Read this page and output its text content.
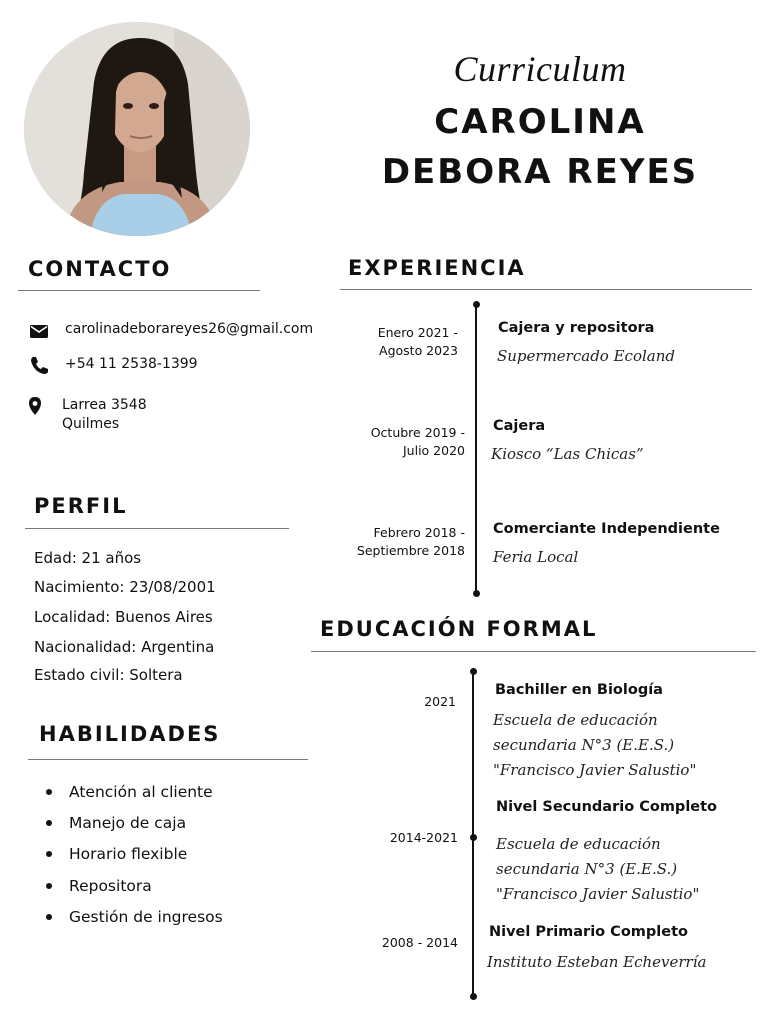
Curriculum
CAROLINA
DEBORA REYES
CONTACTO
carolinadeborareyes26@gmail.com
+54 11 2538-1399
Larrea 3548
Quilmes
PERFIL
Edad: 21 años
Nacimiento: 23/08/2001
Localidad: Buenos Aires
Nacionalidad: Argentina
Estado civil: Soltera
HABILIDADES
Atención al cliente
Manejo de caja
Horario flexible
Repositora
Gestión de ingresos
EXPERIENCIA
Enero 2021 -
Agosto 2023
Cajera y repositora
Supermercado Ecoland
Octubre 2019 -
Julio 2020
Cajera
Kiosco “Las Chicas”
Febrero 2018 -
Septiembre 2018
Comerciante Independiente
Feria Local
EDUCACIÓN FORMAL
2021
Bachiller en Biología
Escuela de educación
secundaria N°3 (E.E.S.)
"Francisco Javier Salustio"
2014-2021
Nivel Secundario Completo
Escuela de educación
secundaria N°3 (E.E.S.)
"Francisco Javier Salustio"
2008 - 2014
Nivel Primario Completo
Instituto Esteban Echeverría
